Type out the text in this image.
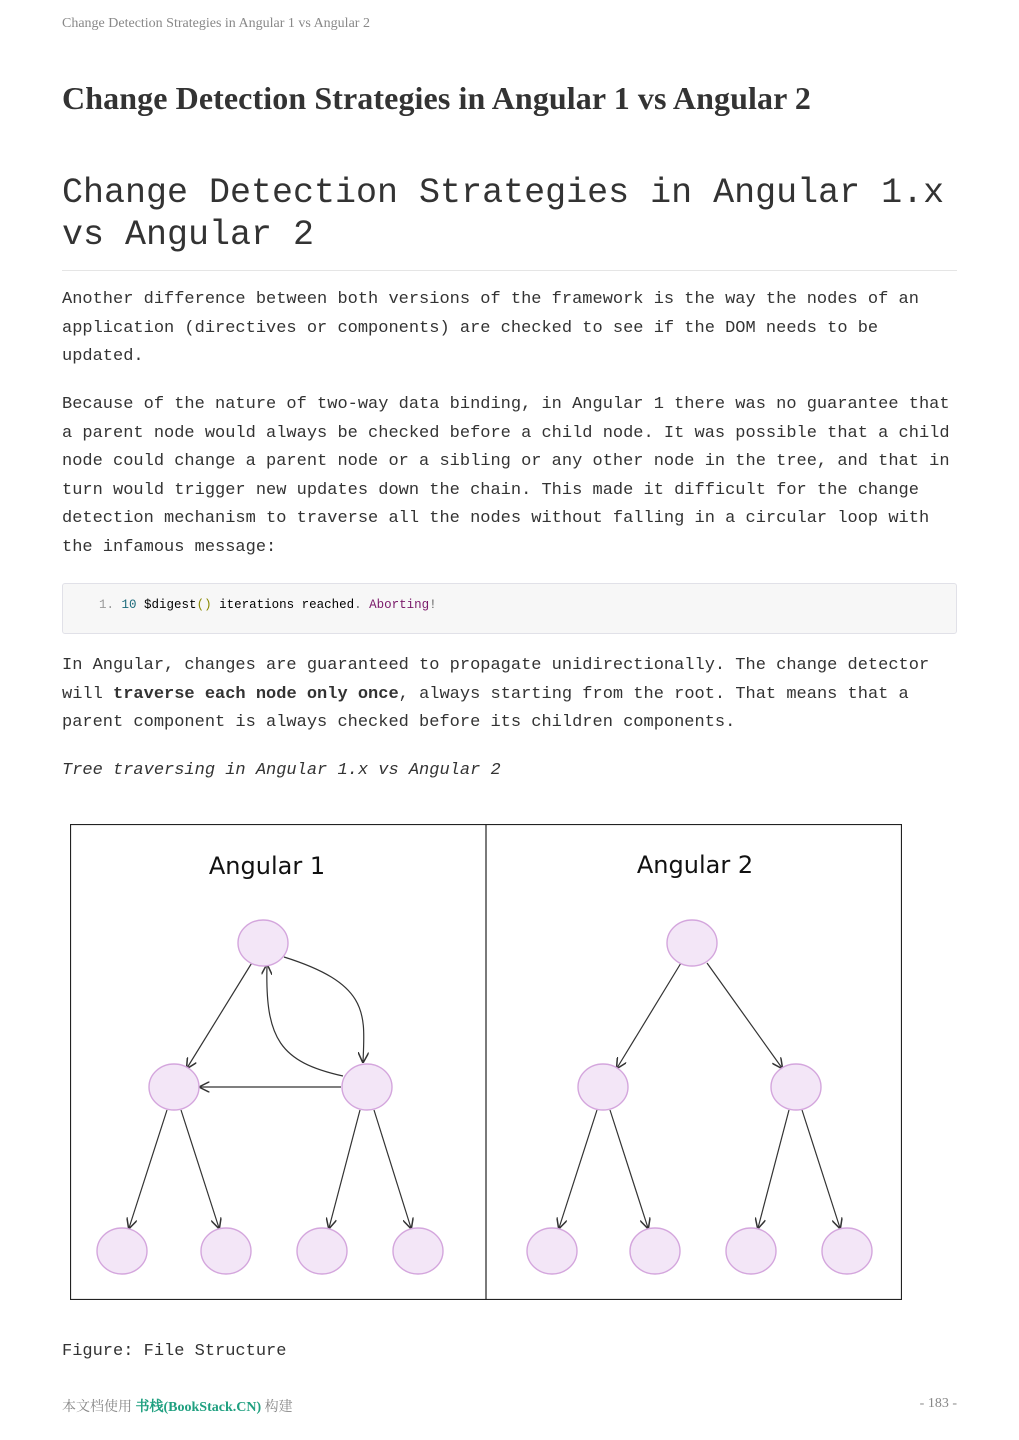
Change Detection Strategies in Angular 1 vs Angular 2
Change Detection Strategies in Angular 1 vs Angular 2
Change Detection Strategies in Angular 1.x vs Angular 2

Another difference between both versions of the framework is the way the nodes of an application (directives or components) are checked to see if the DOM needs to be updated.

Because of the nature of two-way data binding, in Angular 1 there was no guarantee that a parent node would always be checked before a child node. It was possible that a child node could change a parent node or a sibling or any other node in the tree, and that in turn would trigger new updates down the chain. This made it difficult for the change detection mechanism to traverse all the nodes without falling in a circular loop with the infamous message:

1. 10 $digest() iterations reached. Aborting!

In Angular, changes are guaranteed to propagate unidirectionally. The change detector will traverse each node only once, always starting from the root. That means that a parent component is always checked before its children components.

Tree traversing in Angular 1.x vs Angular 2

Angular 1	Angular 2

Figure: File Structure

本文档使用 书栈(BookStack.CN) 构建	- 183 -
